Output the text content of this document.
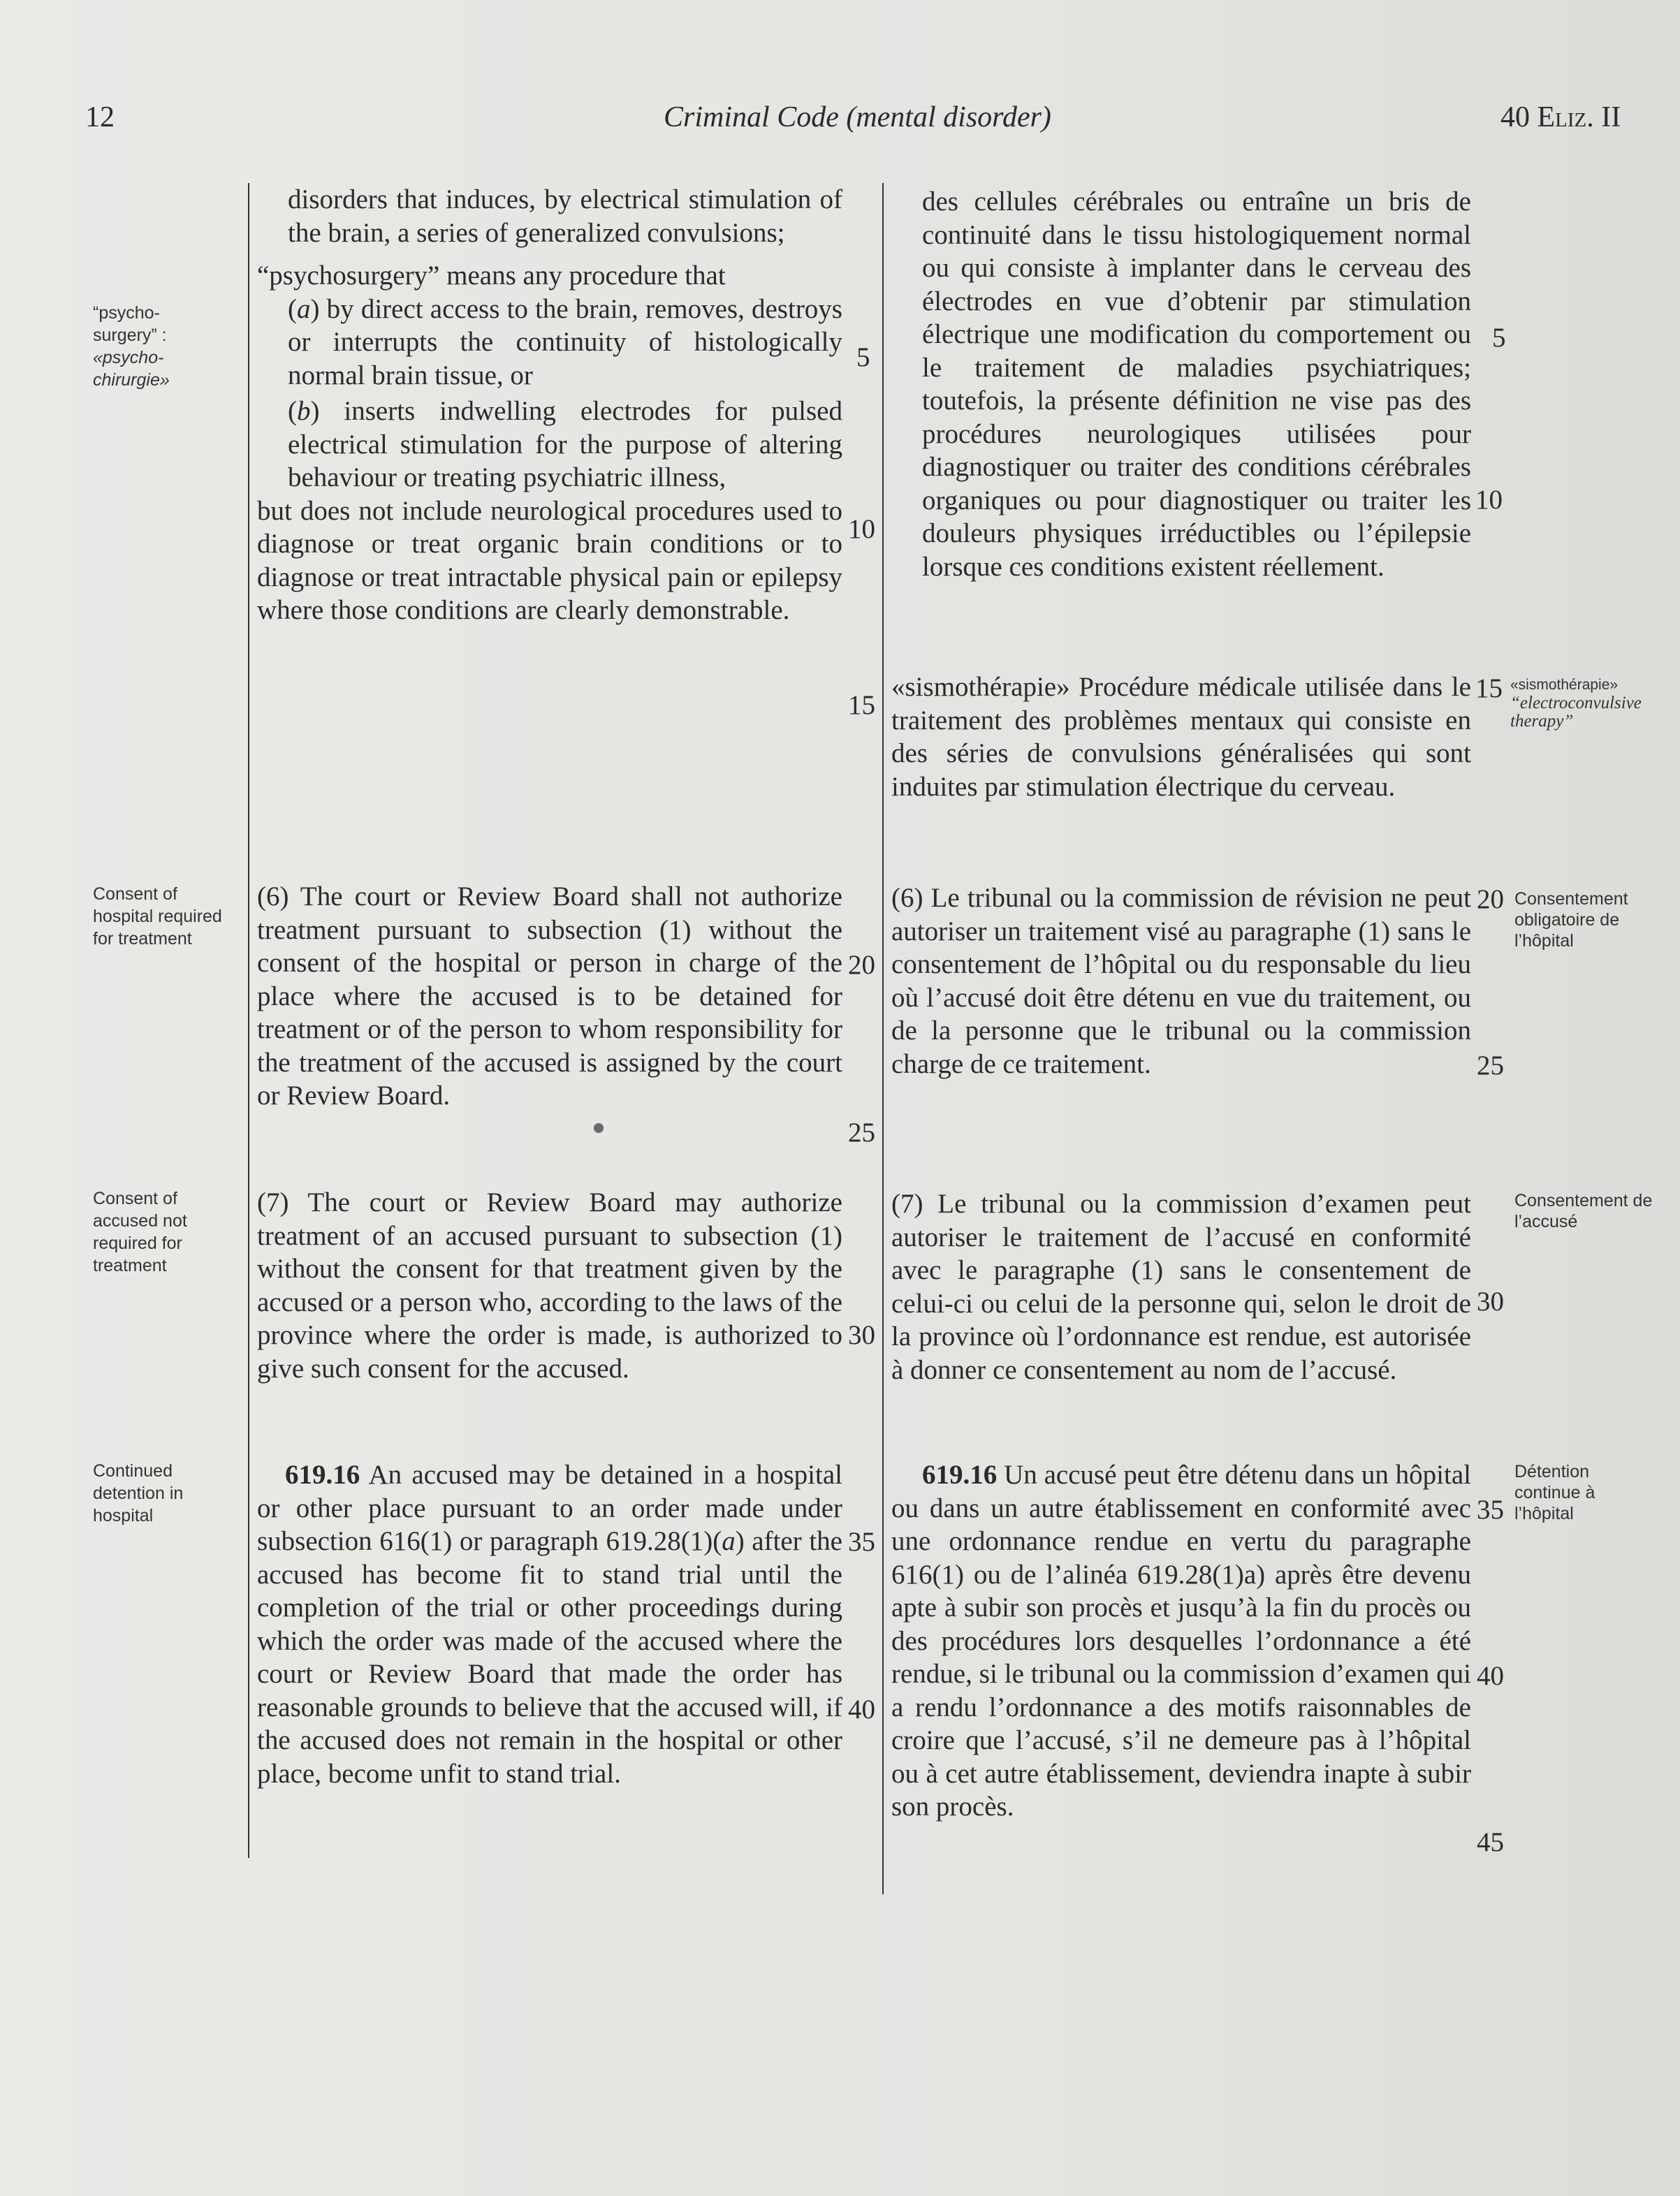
12	Criminal Code (mental disorder)	40 Eliz. II
“psycho-surgery” :
«psycho-chirurgie»
Consent of hospital required for treatment
Consent of accused not required for treatment
Continued detention in hospital
«sismothérapie»
“electroconvulsive therapy”
Consentement obligatoire de l’hôpital
Consentement de l’accusé
Détention continue à l’hôpital

disorders that induces, by electrical stimulation of the brain, a series of generalized convulsions;

“psychosurgery” means any procedure that

(a) by direct access to the brain, removes, destroys or interrupts the continuity of histologically normal brain tissue, or

(b) inserts indwelling electrodes for pulsed electrical stimulation for the purpose of altering behaviour or treating psychiatric illness,

but does not include neurological procedures used to diagnose or treat organic brain conditions or to diagnose or treat intractable physical pain or epilepsy where those conditions are clearly demonstrable.

(6) The court or Review Board shall not authorize treatment pursuant to subsection (1) without the consent of the hospital or person in charge of the place where the accused is to be detained for treatment or of the person to whom responsibility for the treatment of the accused is assigned by the court or Review Board.
(7) The court or Review Board may authorize treatment of an accused pursuant to subsection (1) without the consent for that treatment given by the accused or a person who, according to the laws of the province where the order is made, is authorized to give such consent for the accused.
619.16 An accused may be detained in a hospital or other place pursuant to an order made under subsection 616(1) or paragraph 619.28(1)(a) after the accused has become fit to stand trial until the completion of the trial or other proceedings during which the order was made of the accused where the court or Review Board that made the order has reasonable grounds to believe that the accused will, if the accused does not remain in the hospital or other place, become unfit to stand trial.
5
10
15
20
25
30
35
40
des cellules cérébrales ou entraîne un bris de continuité dans le tissu histologiquement normal ou qui consiste à implanter dans le cerveau des électrodes en vue d’obtenir par stimulation électrique une modification du comportement ou le traitement de maladies psychiatriques; toutefois, la présente définition ne vise pas des procédures neurologiques utilisées pour diagnostiquer ou traiter des conditions cérébrales organiques ou pour diagnostiquer ou traiter les douleurs physiques irréductibles ou l’épilepsie lorsque ces conditions existent réellement.
«sismothérapie» Procédure médicale utilisée dans le traitement des problèmes mentaux qui consiste en des séries de convulsions généralisées qui sont induites par stimulation électrique du cerveau.
(6) Le tribunal ou la commission de révision ne peut autoriser un traitement visé au paragraphe (1) sans le consentement de l’hôpital ou du responsable du lieu où l’accusé doit être détenu en vue du traitement, ou de la personne que le tribunal ou la commission charge de ce traitement.
(7) Le tribunal ou la commission d’examen peut autoriser le traitement de l’accusé en conformité avec le paragraphe (1) sans le consentement de celui-ci ou celui de la personne qui, selon le droit de la province où l’ordonnance est rendue, est autorisée à donner ce consentement au nom de l’accusé.
619.16 Un accusé peut être détenu dans un hôpital ou dans un autre établissement en conformité avec une ordonnance rendue en vertu du paragraphe 616(1) ou de l’alinéa 619.28(1)a) après être devenu apte à subir son procès et jusqu’à la fin du procès ou des procédures lors desquelles l’ordonnance a été rendue, si le tribunal ou la commission d’examen qui a rendu l’ordonnance a des motifs raisonnables de croire que l’accusé, s’il ne demeure pas à l’hôpital ou à cet autre établissement, deviendra inapte à subir son procès.
5
10
15
20
25
30
35
40
45
